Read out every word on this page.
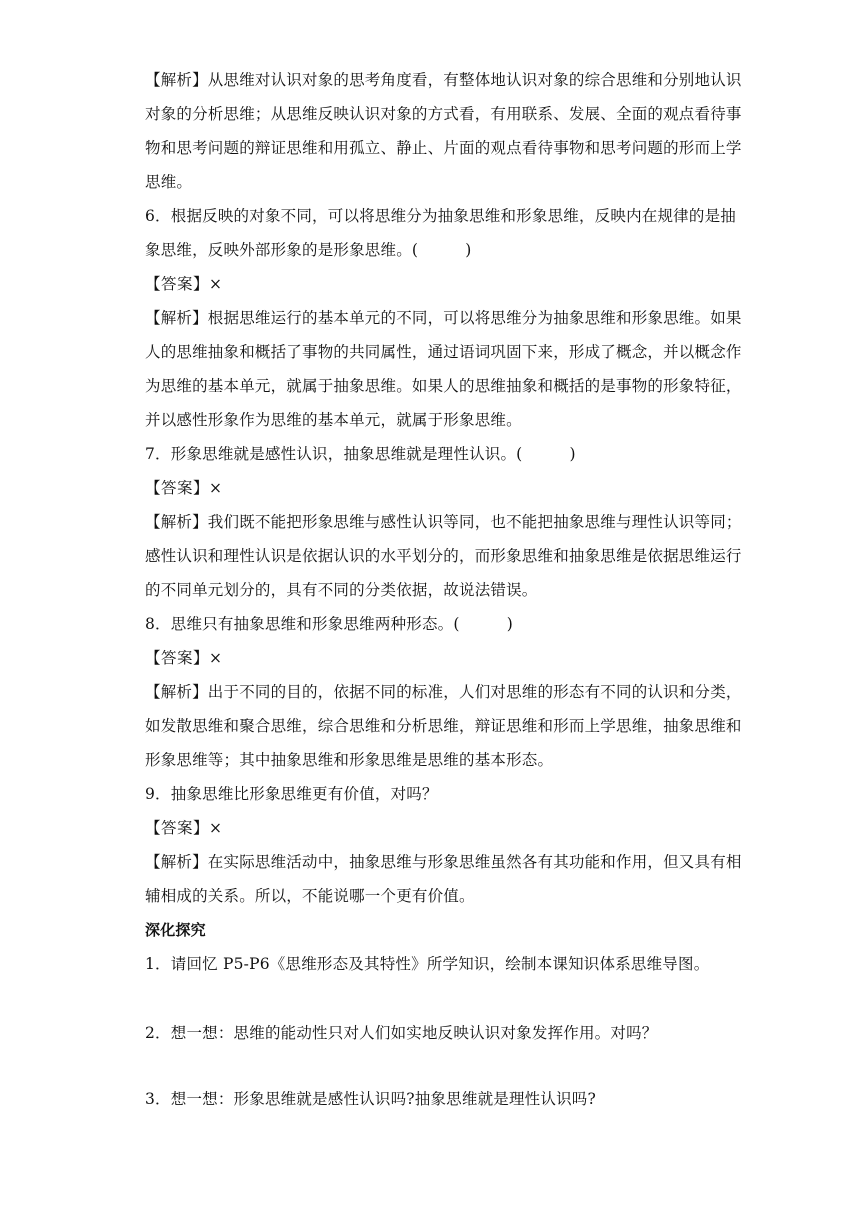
【解析】从思维对认识对象的思考角度看，有整体地认识对象的综合思维和分别地认识
对象的分析思维；从思维反映认识对象的方式看，有用联系、发展、全面的观点看待事
物和思考问题的辩证思维和用孤立、静止、片面的观点看待事物和思考问题的形而上学
思维。
6．根据反映的对象不同，可以将思维分为抽象思维和形象思维，反映内在规律的是抽
象思维，反映外部形象的是形象思维。(　　　)
【答案】×
【解析】根据思维运行的基本单元的不同，可以将思维分为抽象思维和形象思维。如果
人的思维抽象和概括了事物的共同属性，通过语词巩固下来，形成了概念，并以概念作
为思维的基本单元，就属于抽象思维。如果人的思维抽象和概括的是事物的形象特征，
并以感性形象作为思维的基本单元，就属于形象思维。
7．形象思维就是感性认识，抽象思维就是理性认识。(　　　)
【答案】×
【解析】我们既不能把形象思维与感性认识等同，也不能把抽象思维与理性认识等同；
感性认识和理性认识是依据认识的水平划分的，而形象思维和抽象思维是依据思维运行
的不同单元划分的，具有不同的分类依据，故说法错误。
8．思维只有抽象思维和形象思维两种形态。(　　　)
【答案】×
【解析】出于不同的目的，依据不同的标准，人们对思维的形态有不同的认识和分类，
如发散思维和聚合思维，综合思维和分析思维，辩证思维和形而上学思维，抽象思维和
形象思维等；其中抽象思维和形象思维是思维的基本形态。
9．抽象思维比形象思维更有价值，对吗？
【答案】×
【解析】在实际思维活动中，抽象思维与形象思维虽然各有其功能和作用，但又具有相
辅相成的关系。所以，不能说哪一个更有价值。
深化探究
1．请回忆 P5-P6《思维形态及其特性》所学知识，绘制本课知识体系思维导图。
2．想一想：思维的能动性只对人们如实地反映认识对象发挥作用。对吗？
3．想一想：形象思维就是感性认识吗?抽象思维就是理性认识吗?
